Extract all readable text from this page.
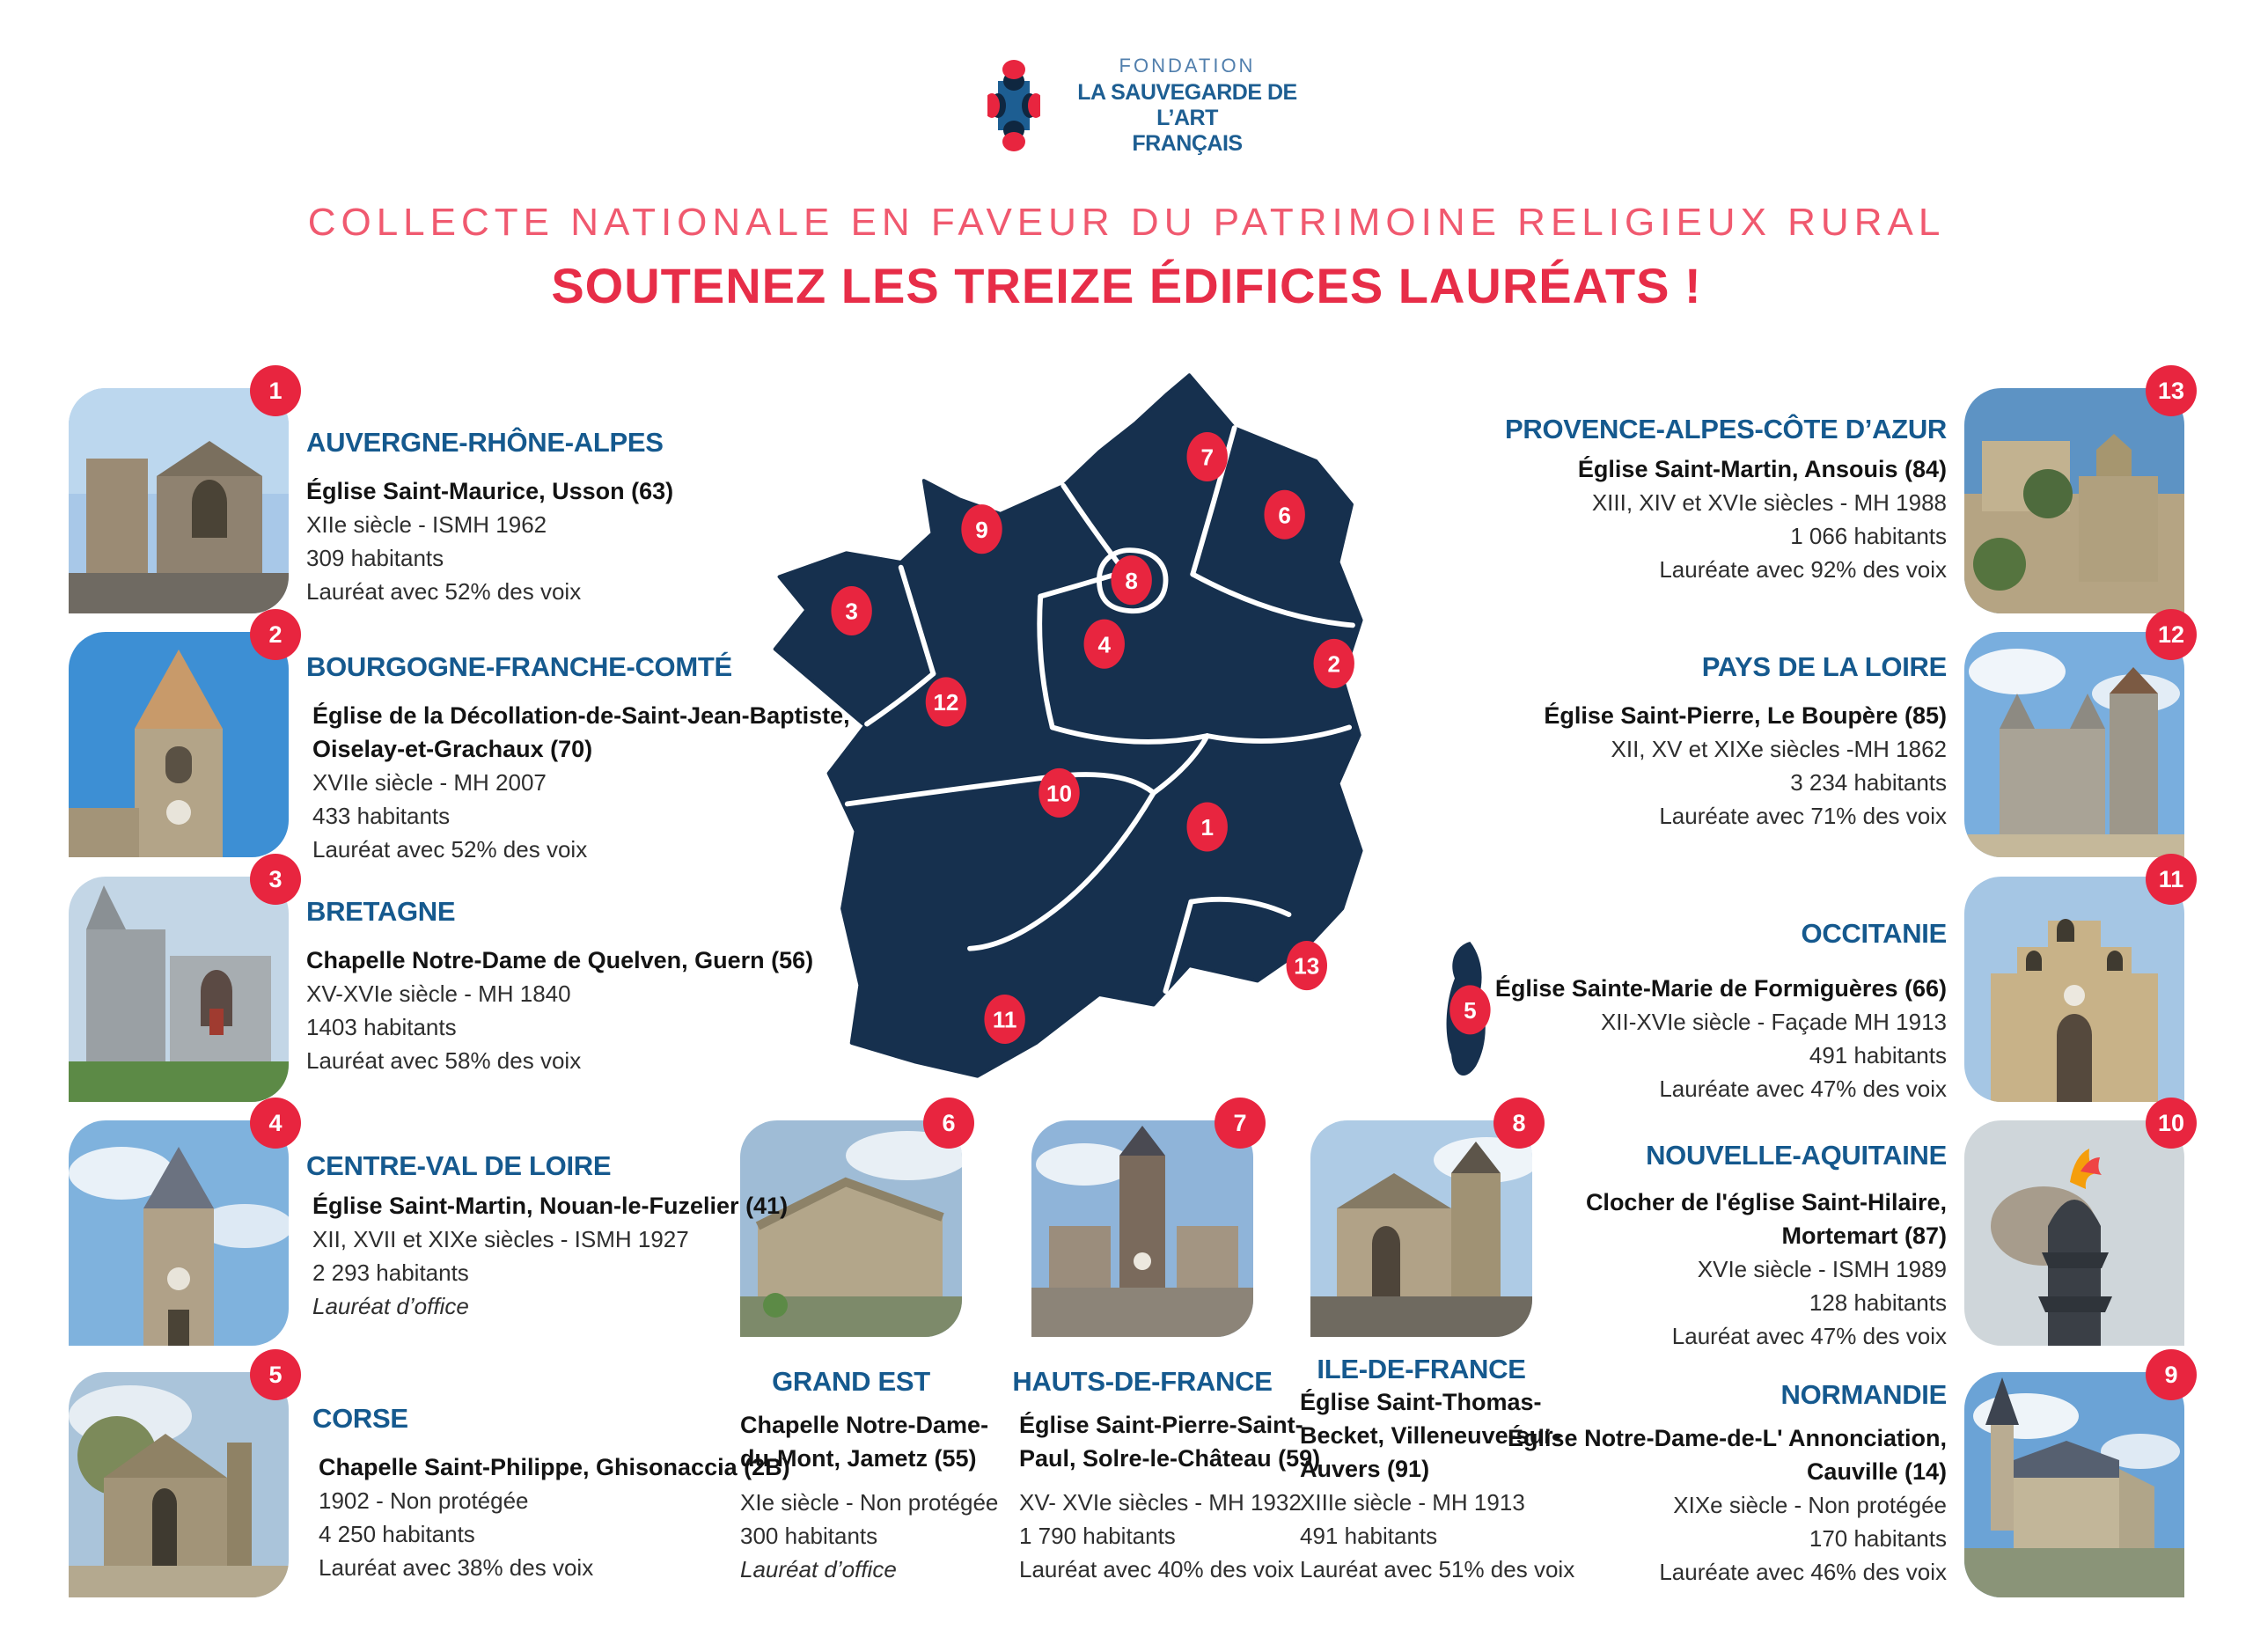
FONDATION
LA SAUVEGARDE DE L’ART
FRANÇAIS
COLLECTE NATIONALE EN FAVEUR DU PATRIMOINE RELIGIEUX RURAL
SOUTENEZ LES TREIZE ÉDIFICES LAURÉATS !
1
2
3
4
5
6
7
8
9
10
11
12
13
1
2
3
4
5
6	7	8
9
10
11
12
13
AUVERGNE-RHÔNE-ALPES
Église Saint-Maurice, Usson (63)
XIIe siècle - ISMH 1962
309 habitants
Lauréat avec 52% des voix
BOURGOGNE-FRANCHE-COMTÉ
Église de la Décollation-de-Saint-Jean-Baptiste,
Oiselay-et-Grachaux (70)
XVIIe siècle - MH 2007
433 habitants
Lauréat avec 52% des voix
BRETAGNE
Chapelle Notre-Dame de Quelven, Guern (56)
XV-XVIe siècle - MH 1840
1403 habitants
Lauréat avec 58% des voix
CENTRE-VAL DE LOIRE
Église Saint-Martin, Nouan-le-Fuzelier (41)
XII, XVII et XIXe siècles - ISMH 1927
2 293 habitants
Lauréat d’office
CORSE
Chapelle Saint-Philippe, Ghisonaccia (2B)
1902 - Non protégée
4 250 habitants
Lauréat avec 38% des voix
PROVENCE-ALPES-CÔTE D’AZUR
Église Saint-Martin, Ansouis (84)
XIII, XIV et XVIe siècles - MH 1988
1 066 habitants
Lauréate avec 92% des voix
PAYS DE LA LOIRE
Église Saint-Pierre, Le Boupère (85)
XII, XV et XIXe siècles -MH 1862
3 234 habitants
Lauréate avec 71% des voix
OCCITANIE
Église Sainte-Marie de Formiguères (66)
XII-XVIe siècle - Façade MH 1913
491 habitants
Lauréate avec 47% des voix
NOUVELLE-AQUITAINE
Clocher de l'église Saint-Hilaire,
Mortemart (87)
XVIe siècle - ISMH 1989
128 habitants
Lauréat avec 47% des voix
NORMANDIE
Église Notre-Dame-de-L' Annonciation,
Cauville (14)
XIXe siècle - Non protégée
170 habitants
Lauréate avec 46% des voix
GRAND EST
Chapelle Notre-Dame-
du-Mont, Jametz (55)
XIe siècle - Non protégée
300 habitants
Lauréat d’office
HAUTS-DE-FRANCE
Église Saint-Pierre-Saint-
Paul, Solre-le-Château (59)
XV- XVIe siècles - MH 1932
1 790 habitants
Lauréat avec 40% des voix
ILE-DE-FRANCE
Église Saint-Thomas-
Becket, Villeneuve-sur-
Auvers (91)
XIIIe siècle - MH 1913
491 habitants
Lauréat avec 51% des voix
